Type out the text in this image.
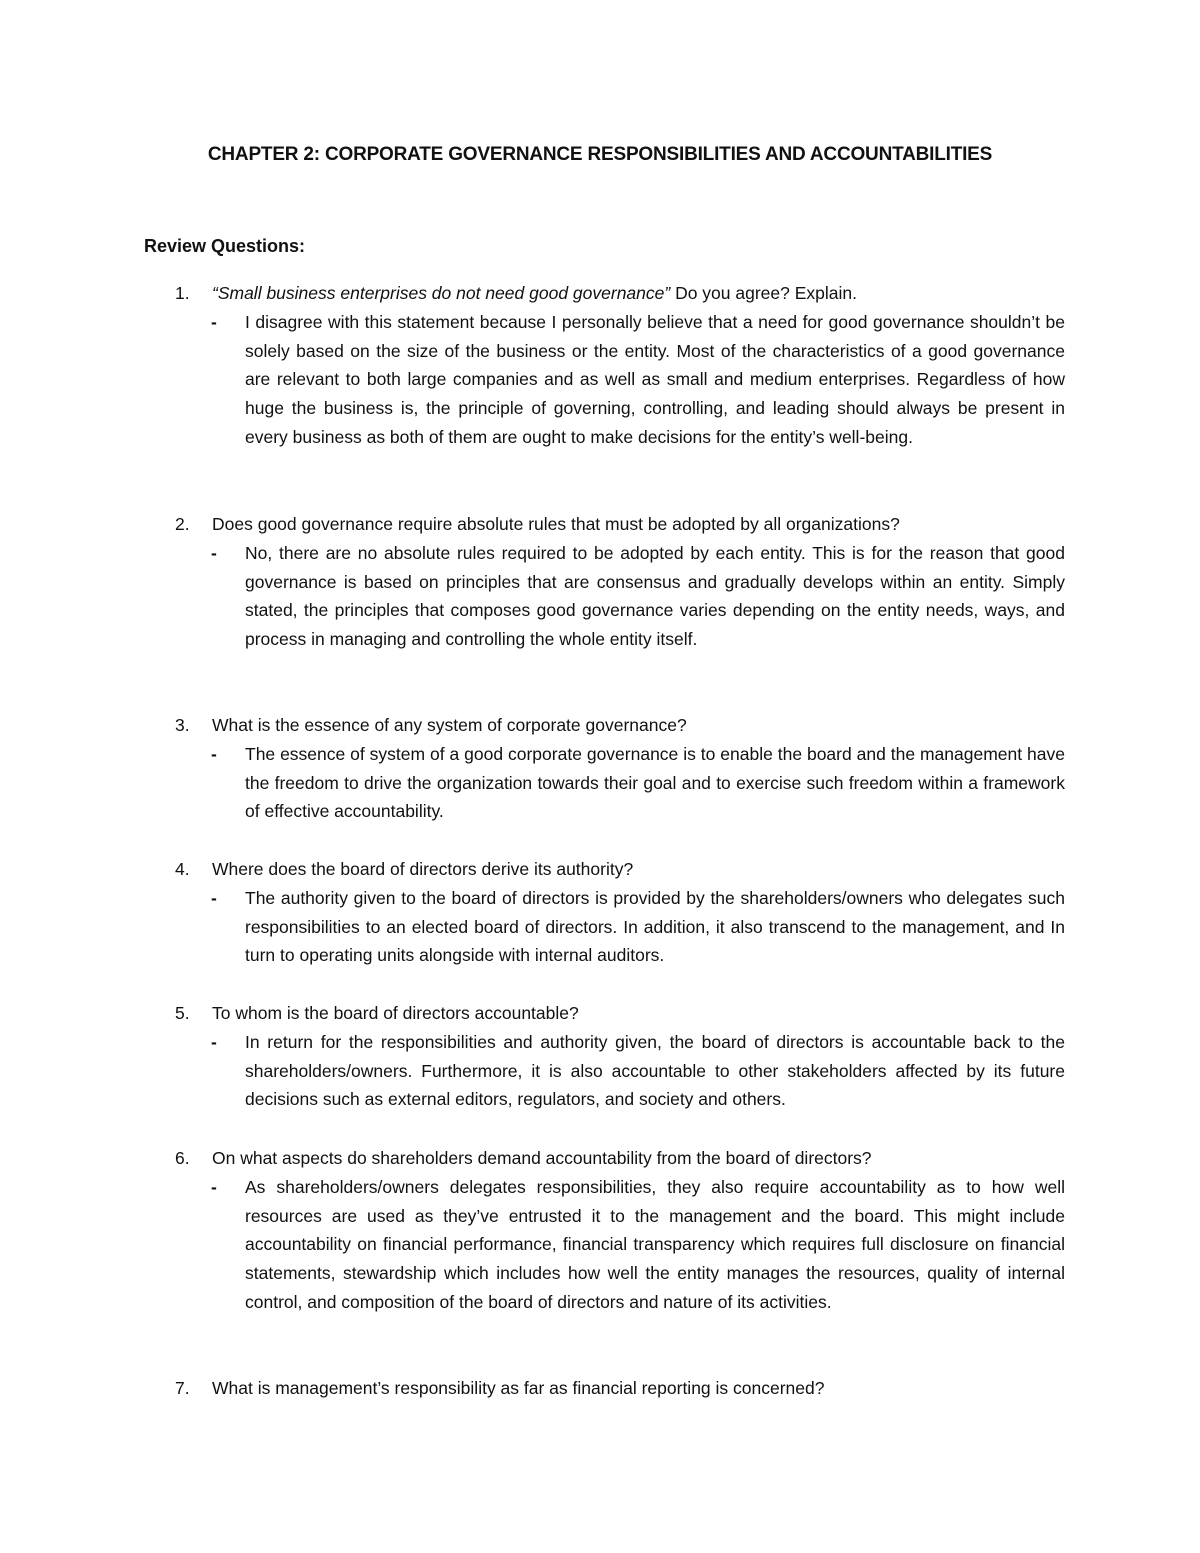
CHAPTER 2: CORPORATE GOVERNANCE RESPONSIBILITIES AND ACCOUNTABILITIES
Review Questions:
1. “Small business enterprises do not need good governance” Do you agree? Explain.
- I disagree with this statement because I personally believe that a need for good governance shouldn’t be solely based on the size of the business or the entity. Most of the characteristics of a good governance are relevant to both large companies and as well as small and medium enterprises. Regardless of how huge the business is, the principle of governing, controlling, and leading should always be present in every business as both of them are ought to make decisions for the entity’s well-being.
2. Does good governance require absolute rules that must be adopted by all organizations?
- No, there are no absolute rules required to be adopted by each entity. This is for the reason that good governance is based on principles that are consensus and gradually develops within an entity. Simply stated, the principles that composes good governance varies depending on the entity needs, ways, and process in managing and controlling the whole entity itself.
3. What is the essence of any system of corporate governance?
- The essence of system of a good corporate governance is to enable the board and the management have the freedom to drive the organization towards their goal and to exercise such freedom within a framework of effective accountability.
4. Where does the board of directors derive its authority?
- The authority given to the board of directors is provided by the shareholders/owners who delegates such responsibilities to an elected board of directors. In addition, it also transcend to the management, and In turn to operating units alongside with internal auditors.
5. To whom is the board of directors accountable?
- In return for the responsibilities and authority given, the board of directors is accountable back to the shareholders/owners. Furthermore, it is also accountable to other stakeholders affected by its future decisions such as external editors, regulators, and society and others.
6. On what aspects do shareholders demand accountability from the board of directors?
- As shareholders/owners delegates responsibilities, they also require accountability as to how well resources are used as they’ve entrusted it to the management and the board. This might include accountability on financial performance, financial transparency which requires full disclosure on financial statements, stewardship which includes how well the entity manages the resources, quality of internal control, and composition of the board of directors and nature of its activities.
7. What is management’s responsibility as far as financial reporting is concerned?
